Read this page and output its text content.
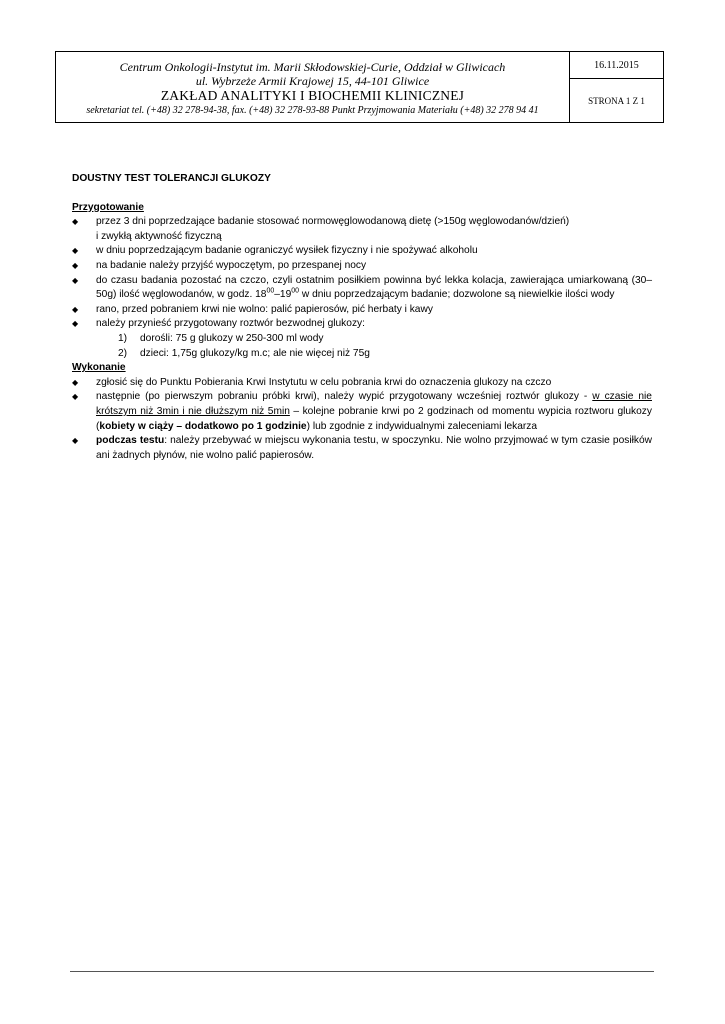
Centrum Onkologii-Instytut im. Marii Skłodowskiej-Curie, Oddział w Gliwicach
ul. Wybrzeże Armii Krajowej 15, 44-101 Gliwice
ZAKŁAD ANALITYKI I BIOCHEMII KLINICZNEJ
sekretariat tel. (+48) 32 278-94-38, fax. (+48) 32 278-93-88 Punkt Przyjmowania Materiału (+48) 32 278 94 41
16.11.2015
STRONA 1 Z 1
DOUSTNY TEST TOLERANCJI GLUKOZY
Przygotowanie
◆ przez 3 dni poprzedzające badanie stosować normowęglowodanową dietę (>150g węglowodanów/dzień)
i zwykłą aktywność fizyczną
◆ w dniu poprzedzającym badanie ograniczyć wysiłek fizyczny i nie spożywać alkoholu
◆ na badanie należy przyjść wypoczętym, po przespanej nocy
◆ do czasu badania pozostać na czczo, czyli ostatnim posiłkiem powinna być lekka kolacja, zawierająca umiarkowaną (30–50g) ilość węglowodanów, w godz. $18^{00}-19^{00}$ w dniu poprzedzającym badanie; dozwolone są niewielkie ilości wody
◆ rano, przed pobraniem krwi nie wolno: palić papierosów, pić herbaty i kawy
◆ należy przynieść przygotowany roztwór bezwodnej glukozy:
1) dorośli: 75 g glukozy w 250-300 ml wody
2) dzieci: 1,75g glukozy/kg m.c; ale nie więcej niż 75g
Wykonanie
◆ zgłosić się do Punktu Pobierania Krwi Instytutu w celu pobrania krwi do oznaczenia glukozy na czczo
◆ następnie (po pierwszym pobraniu próbki krwi), należy wypić przygotowany wcześniej roztwór glukozy - w czasie nie krótszym niż 3min i nie dłuższym niż 5min – kolejne pobranie krwi po 2 godzinach od momentu wypicia roztworu glukozy (kobiety w ciąży – dodatkowo po 1 godzinie) lub zgodnie z indywidualnymi zaleceniami lekarza
◆ podczas testu: należy przebywać w miejscu wykonania testu, w spoczynku. Nie wolno przyjmować w tym czasie posiłków ani żadnych płynów, nie wolno palić papierosów.
